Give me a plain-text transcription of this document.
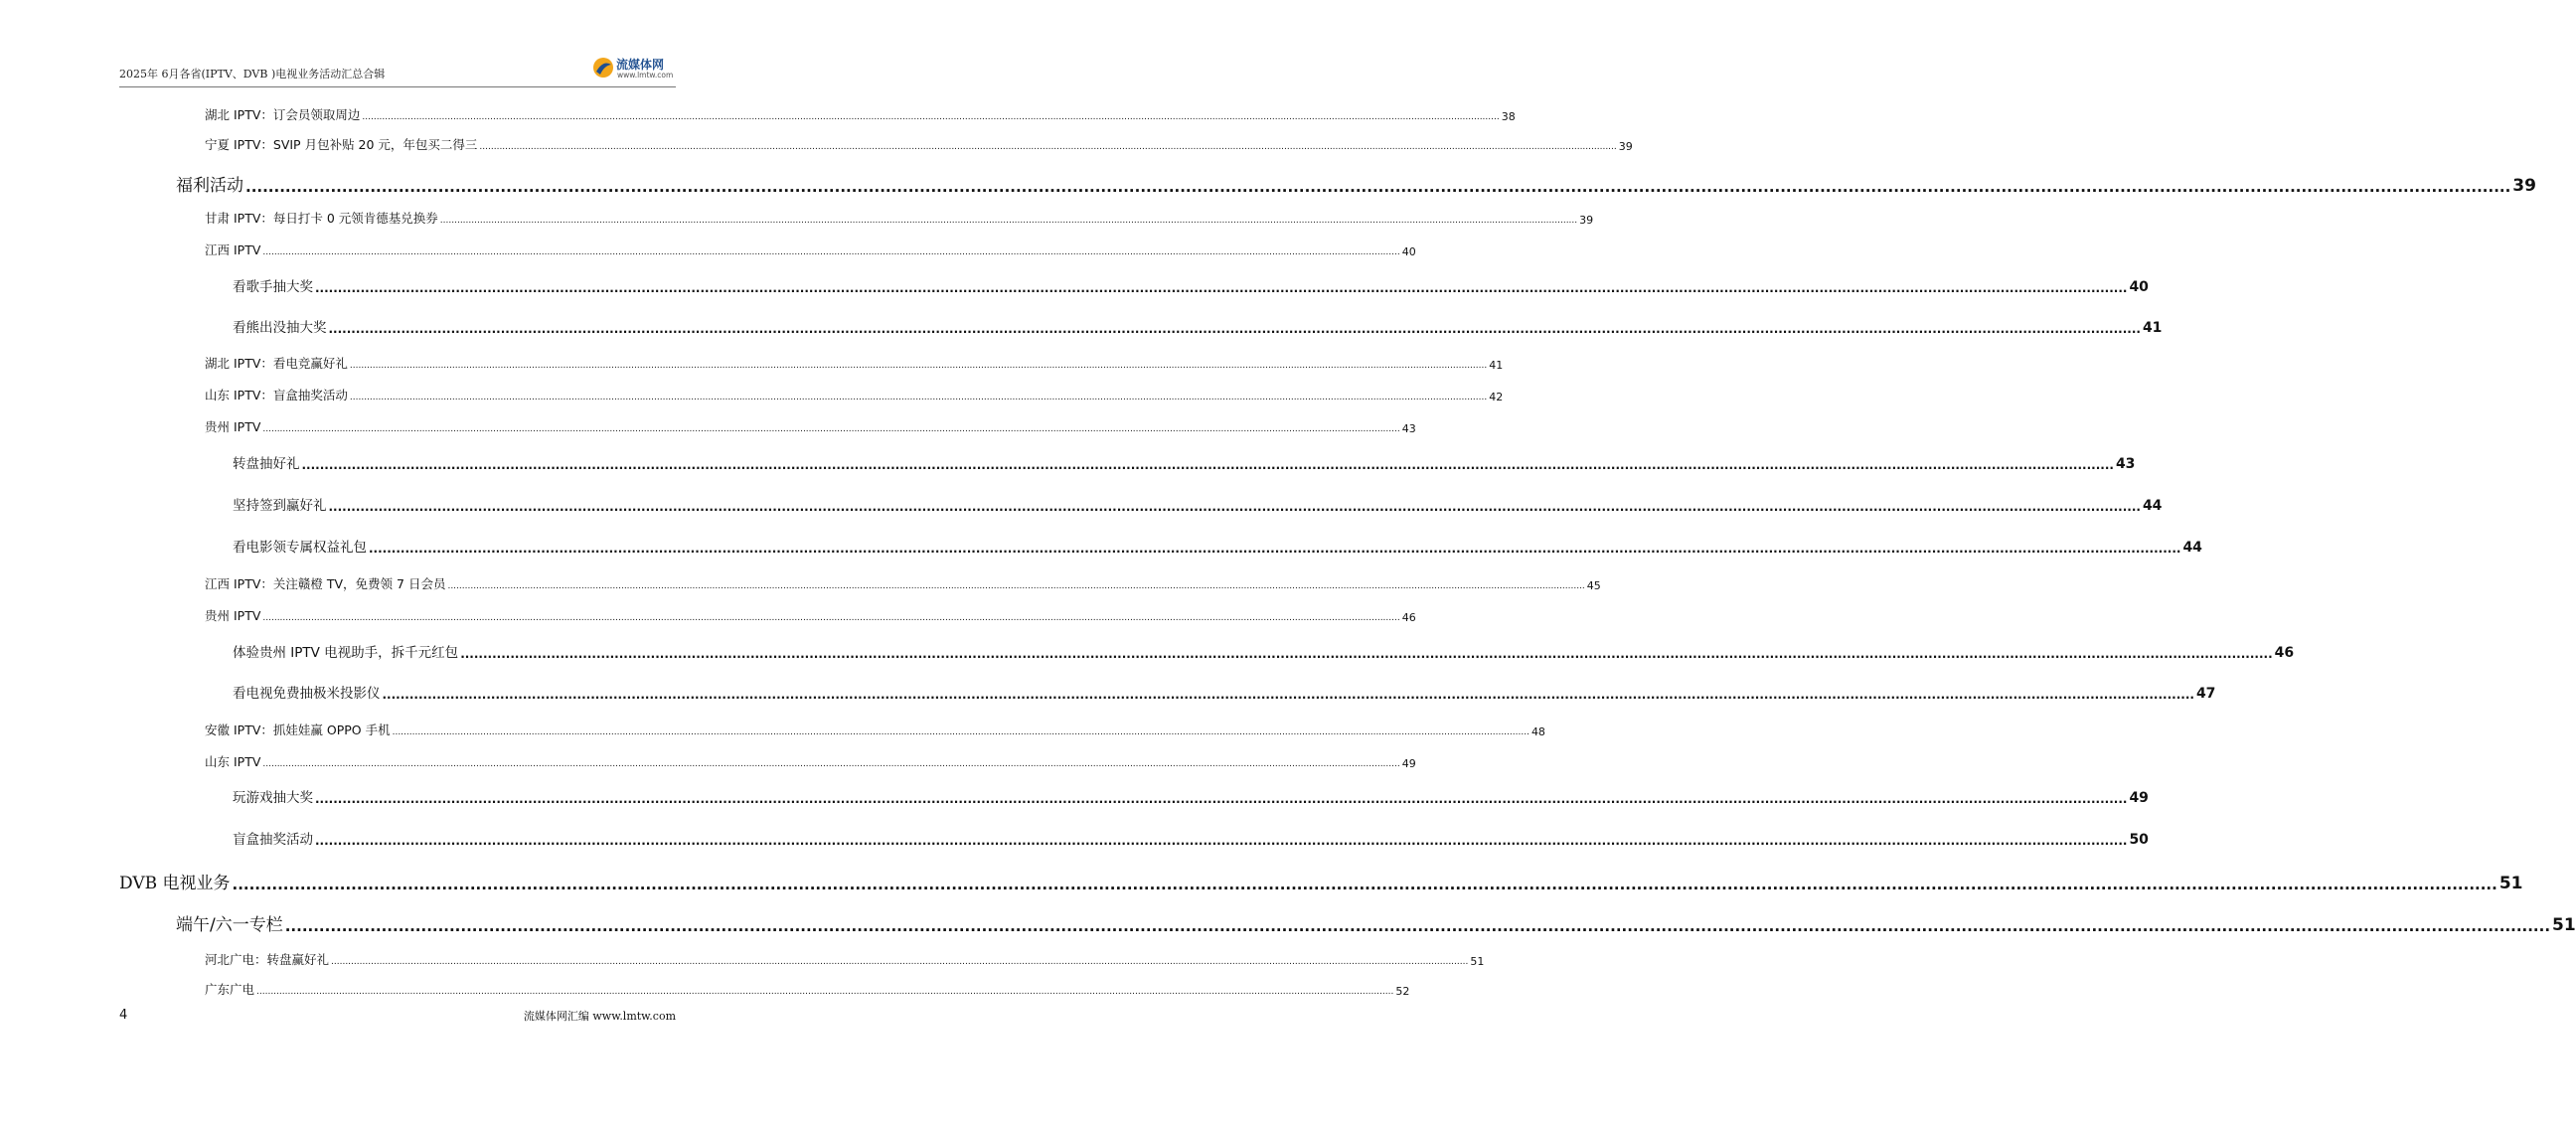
2025年 6月各省(IPTV、DVB )电视业务活动汇总合辑
流媒体网
www.lmtw.com
湖北 IPTV：订会员领取周边 ................................................................................................................................................................................................................................................................................................................................................................................................................ 38
宁夏 IPTV：SVIP 月包补贴 20 元，年包买二得三 ................................................................................................................................................................................................................................................................................................................................................................................................................ 39
福利活动 ................................................................................................................................................................................................................................................................................................................................................................................................................ 39
甘肃 IPTV：每日打卡 0 元领肯德基兑换券 ................................................................................................................................................................................................................................................................................................................................................................................................................ 39
江西 IPTV ................................................................................................................................................................................................................................................................................................................................................................................................................ 40
看歌手抽大奖 ................................................................................................................................................................................................................................................................................................................................................................................................................ 40
看熊出没抽大奖 ................................................................................................................................................................................................................................................................................................................................................................................................................ 41
湖北 IPTV：看电竞赢好礼 ................................................................................................................................................................................................................................................................................................................................................................................................................ 41
山东 IPTV：盲盒抽奖活动 ................................................................................................................................................................................................................................................................................................................................................................................................................ 42
贵州 IPTV ................................................................................................................................................................................................................................................................................................................................................................................................................ 43
转盘抽好礼 ................................................................................................................................................................................................................................................................................................................................................................................................................ 43
坚持签到赢好礼 ................................................................................................................................................................................................................................................................................................................................................................................................................ 44
看电影领专属权益礼包 ................................................................................................................................................................................................................................................................................................................................................................................................................ 44
江西 IPTV：关注赣橙 TV，免费领 7 日会员 ................................................................................................................................................................................................................................................................................................................................................................................................................ 45
贵州 IPTV ................................................................................................................................................................................................................................................................................................................................................................................................................ 46
体验贵州 IPTV 电视助手，拆千元红包 ................................................................................................................................................................................................................................................................................................................................................................................................................ 46
看电视免费抽极米投影仪 ................................................................................................................................................................................................................................................................................................................................................................................................................ 47
安徽 IPTV：抓娃娃赢 OPPO 手机 ................................................................................................................................................................................................................................................................................................................................................................................................................ 48
山东 IPTV ................................................................................................................................................................................................................................................................................................................................................................................................................ 49
玩游戏抽大奖 ................................................................................................................................................................................................................................................................................................................................................................................................................ 49
盲盒抽奖活动 ................................................................................................................................................................................................................................................................................................................................................................................................................ 50
DVB 电视业务 ................................................................................................................................................................................................................................................................................................................................................................................................................ 51
端午/六一专栏 ................................................................................................................................................................................................................................................................................................................................................................................................................ 51
河北广电：转盘赢好礼 ................................................................................................................................................................................................................................................................................................................................................................................................................ 51
广东广电 ................................................................................................................................................................................................................................................................................................................................................................................................................ 52
4	流媒体网汇编 www.lmtw.com
